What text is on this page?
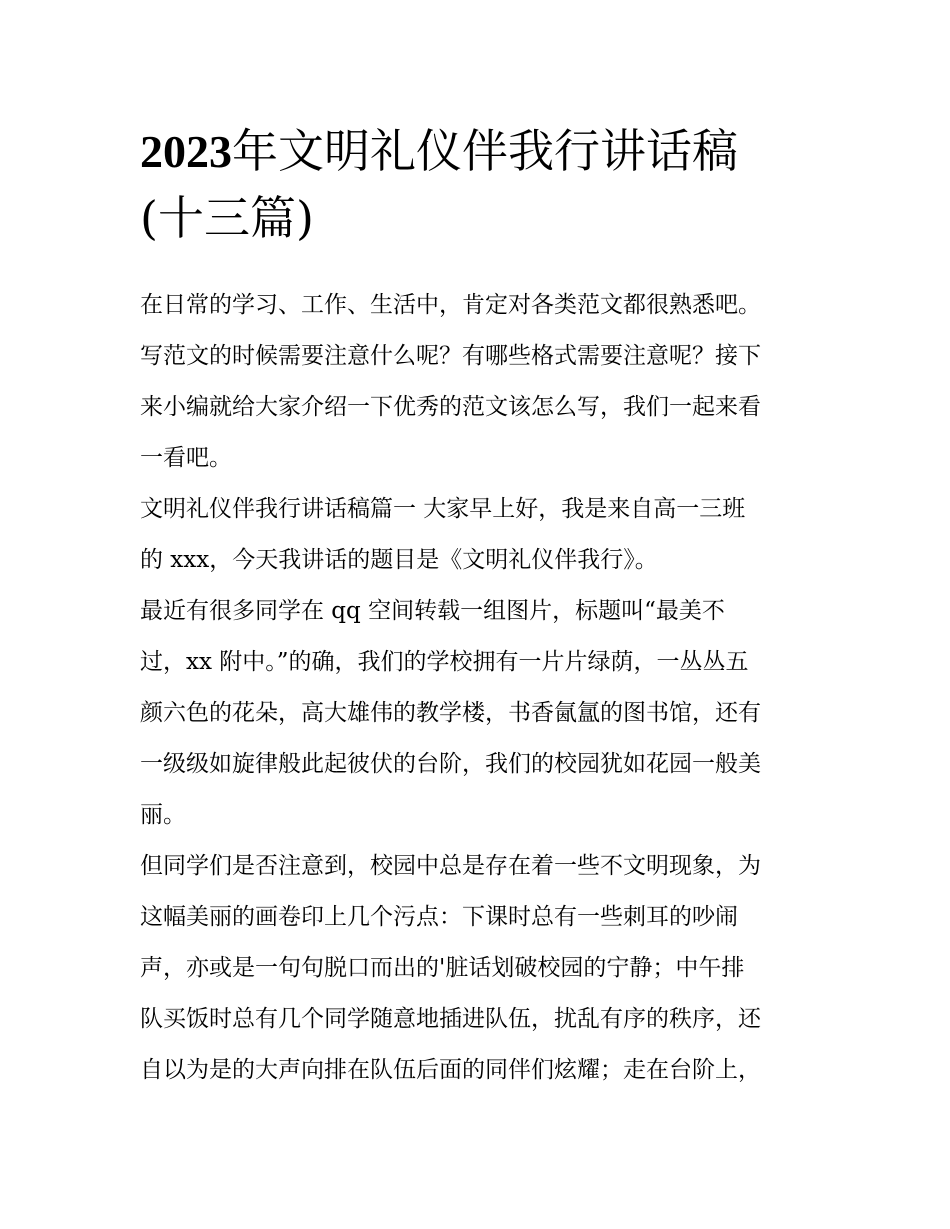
2023年文明礼仪伴我行讲话稿
(十三篇)
在日常的学习、工作、生活中，肯定对各类范文都很熟悉吧。
写范文的时候需要注意什么呢？有哪些格式需要注意呢？接下
来小编就给大家介绍一下优秀的范文该怎么写，我们一起来看
一看吧。
文明礼仪伴我行讲话稿篇一 大家早上好，我是来自高一三班
的 xxx，今天我讲话的题目是《文明礼仪伴我行》。
最近有很多同学在 qq 空间转载一组图片，标题叫“最美不
过，xx 附中。”的确，我们的学校拥有一片片绿荫，一丛丛五
颜六色的花朵，高大雄伟的教学楼，书香氤氲的图书馆，还有
一级级如旋律般此起彼伏的台阶，我们的校园犹如花园一般美
丽。
但同学们是否注意到，校园中总是存在着一些不文明现象，为
这幅美丽的画卷印上几个污点：下课时总有一些刺耳的吵闹
声，亦或是一句句脱口而出的'脏话划破校园的宁静；中午排
队买饭时总有几个同学随意地插进队伍，扰乱有序的秩序，还
自以为是的大声向排在队伍后面的同伴们炫耀；走在台阶上，
